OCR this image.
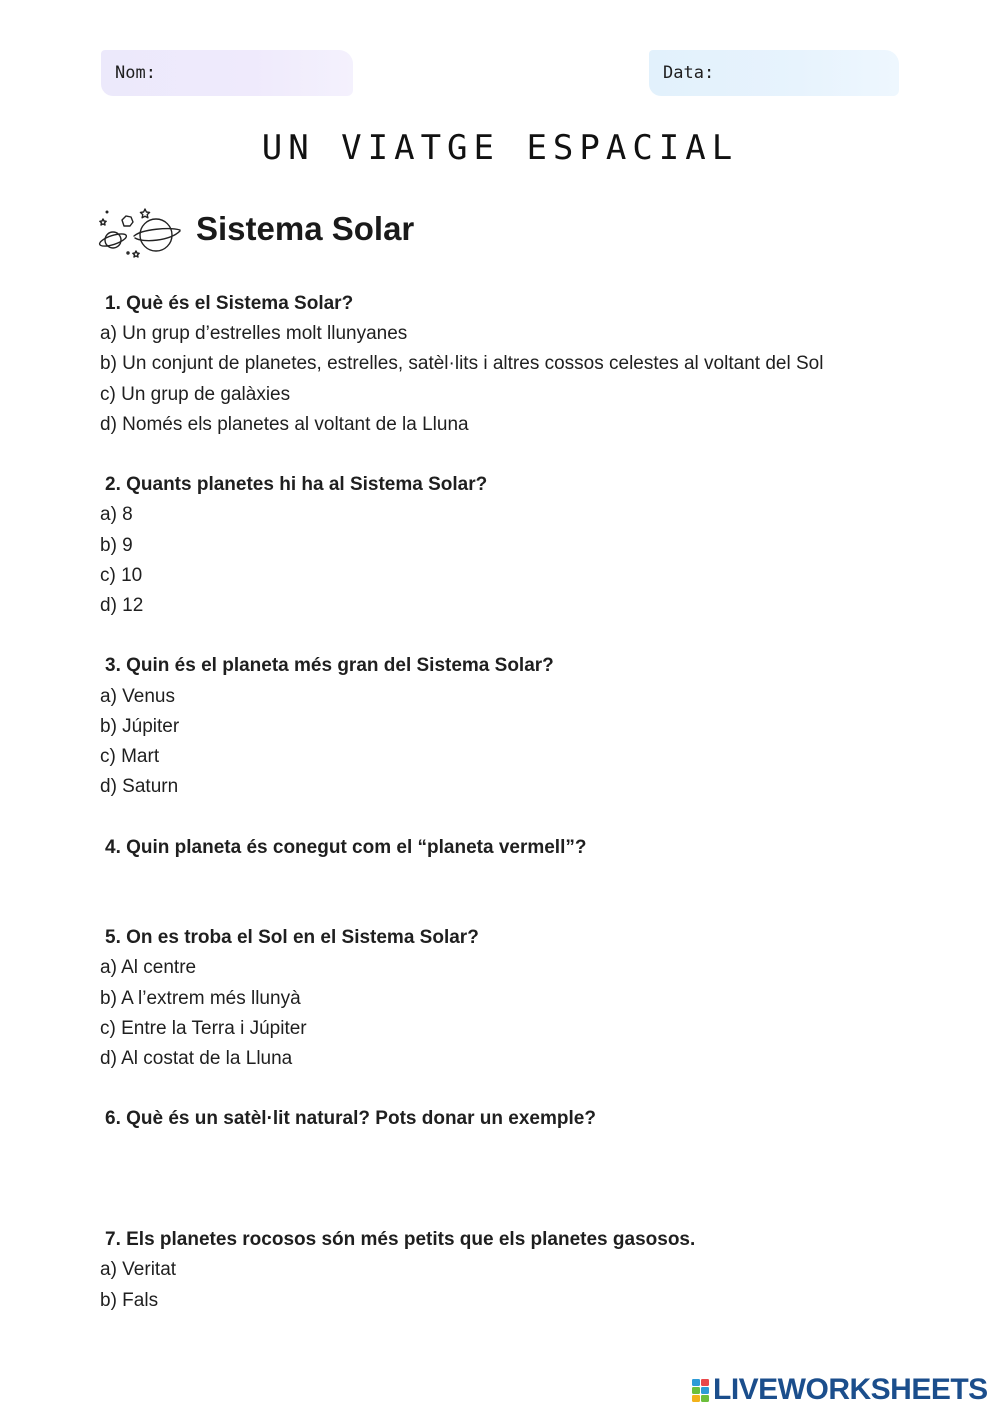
Nom:	Data:
UN VIATGE ESPACIAL
Sistema Solar
1. Què és el Sistema Solar?
a) Un grup d’estrelles molt llunyanes
b) Un conjunt de planetes, estrelles, satèl·lits i altres cossos celestes al voltant del Sol
c) Un grup de galàxies
d) Només els planetes al voltant de la Lluna
2. Quants planetes hi ha al Sistema Solar?
a) 8
b) 9
c) 10
d) 12
3. Quin és el planeta més gran del Sistema Solar?
a) Venus
b) Júpiter
c) Mart
d) Saturn
4. Quin planeta és conegut com el “planeta vermell”?
5. On es troba el Sol en el Sistema Solar?
a) Al centre
b) A l’extrem més llunyà
c) Entre la Terra i Júpiter
d) Al costat de la Lluna
6. Què és un satèl·lit natural? Pots donar un exemple?
7. Els planetes rocosos són més petits que els planetes gasosos.
a) Veritat
b) Fals
LIVEWORKSHEETS
